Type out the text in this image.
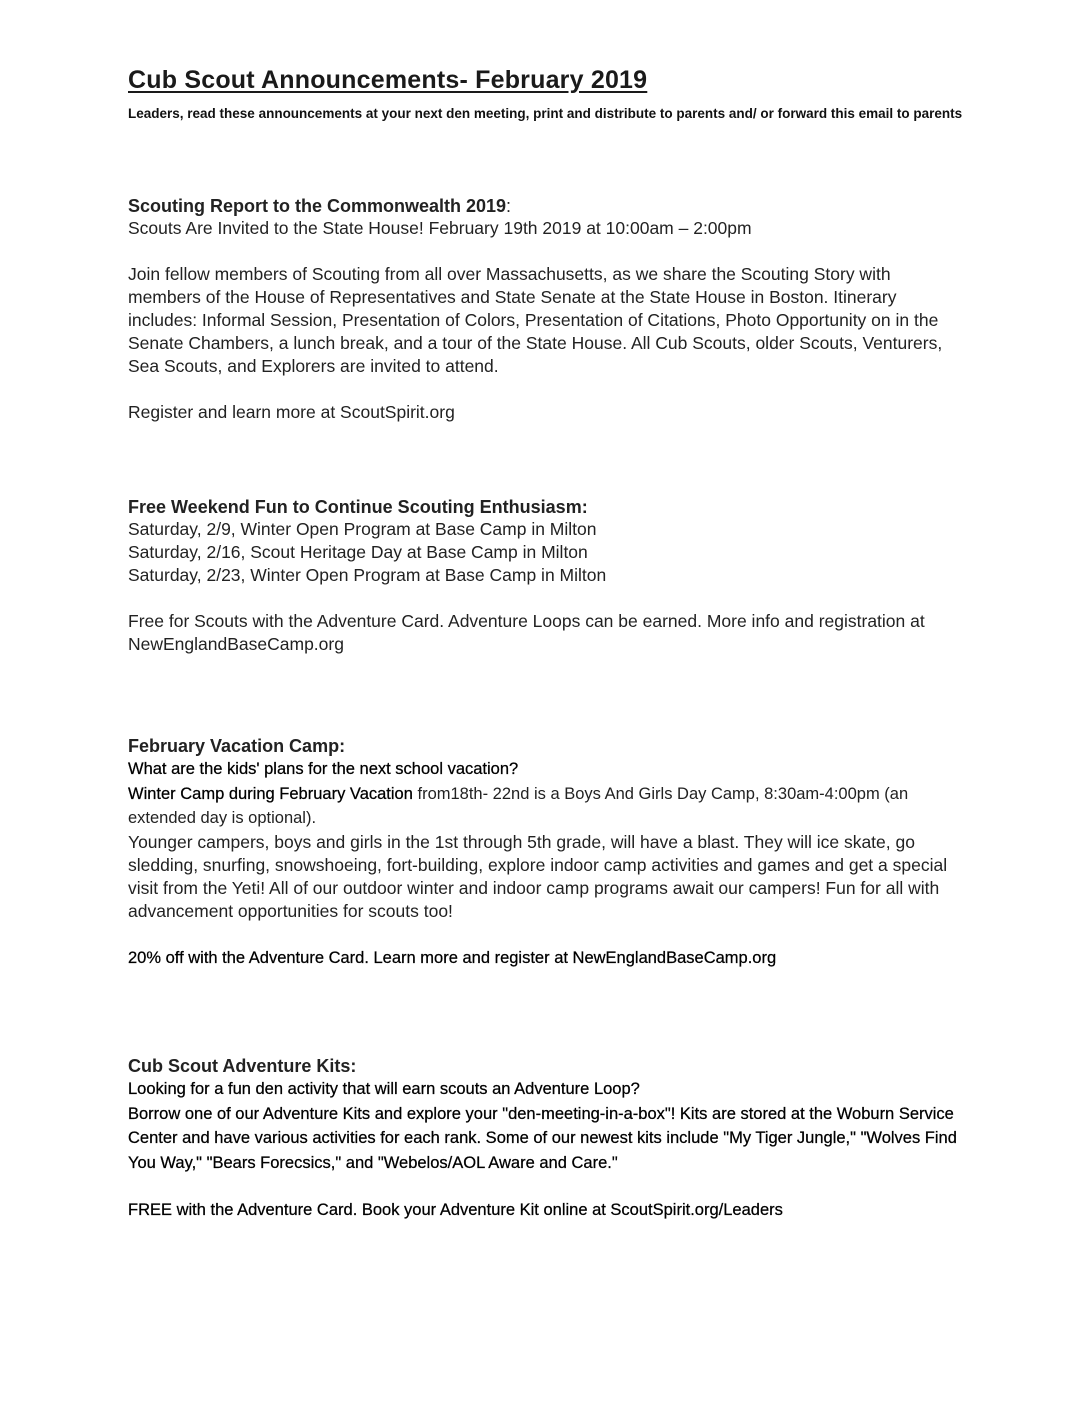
Cub Scout Announcements- February 2019
Leaders, read these announcements at your next den meeting, print and distribute to parents and/ or forward this email to parents
Scouting Report to the Commonwealth 2019:

Scouts Are Invited to the State House! February 19th 2019 at 10:00am – 2:00pm

Join fellow members of Scouting from all over Massachusetts, as we share the Scouting Story with members of the House of Representatives and State Senate at the State House in Boston. Itinerary includes: Informal Session, Presentation of Colors, Presentation of Citations, Photo Opportunity on in the Senate Chambers, a lunch break, and a tour of the State House. All Cub Scouts, older Scouts, Venturers, Sea Scouts, and Explorers are invited to attend.

Register and learn more at ScoutSpirit.org

Free Weekend Fun to Continue Scouting Enthusiasm:

Saturday, 2/9, Winter Open Program at Base Camp in Milton

Saturday, 2/16, Scout Heritage Day at Base Camp in Milton

Saturday, 2/23, Winter Open Program at Base Camp in Milton

Free for Scouts with the Adventure Card. Adventure Loops can be earned. More info and registration at NewEnglandBaseCamp.org

February Vacation Camp:

What are the kids' plans for the next school vacation?

Winter Camp during February Vacation from18th- 22nd is a Boys And Girls Day Camp, 8:30am-4:00pm (an extended day is optional).

Younger campers, boys and girls in the 1st through 5th grade, will have a blast. They will ice skate, go sledding, snurfing, snowshoeing, fort-building, explore indoor camp activities and games and get a special visit from the Yeti! All of our outdoor winter and indoor camp programs await our campers! Fun for all with advancement opportunities for scouts too!

20% off with the Adventure Card. Learn more and register at NewEnglandBaseCamp.org

Cub Scout Adventure Kits:

Looking for a fun den activity that will earn scouts an Adventure Loop?

Borrow one of our Adventure Kits and explore your "den-meeting-in-a-box"! Kits are stored at the Woburn Service Center and have various activities for each rank. Some of our newest kits include "My Tiger Jungle," "Wolves Find You Way," "Bears Forecsics," and "Webelos/AOL Aware and Care."

FREE with the Adventure Card. Book your Adventure Kit online at ScoutSpirit.org/Leaders
